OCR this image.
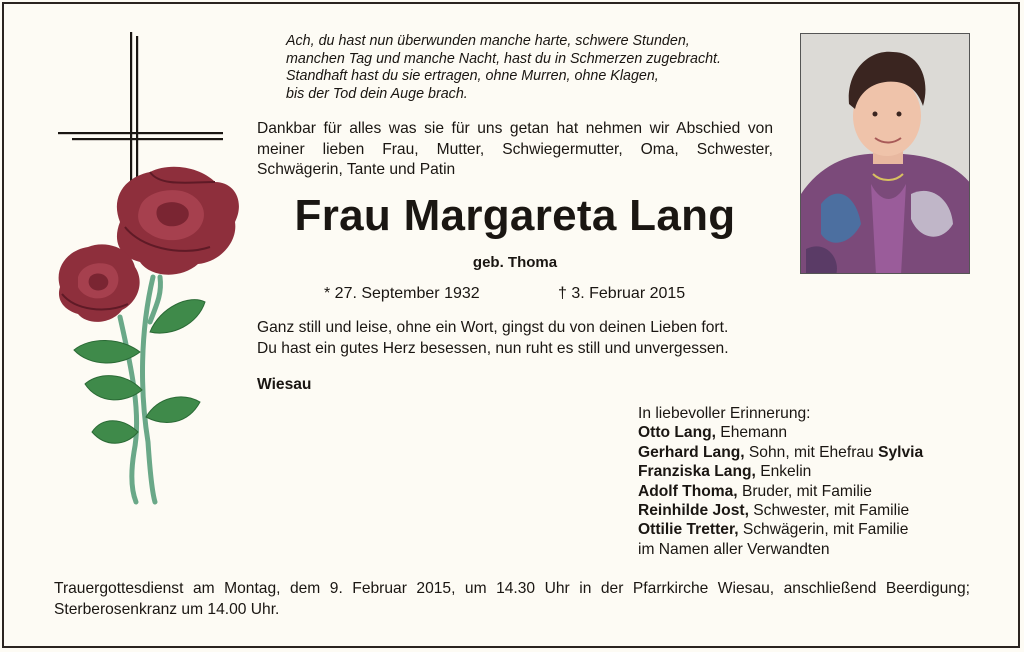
Ach, du hast nun überwunden manche harte, schwere Stunden,
manchen Tag und manche Nacht, hast du in Schmerzen zugebracht.
Standhaft hast du sie ertragen, ohne Murren, ohne Klagen,
bis der Tod dein Auge brach.
Dankbar für alles was sie für uns getan hat nehmen wir Abschied von meiner lieben Frau, Mutter, Schwiegermutter, Oma, Schwester, Schwägerin, Tante und Patin
Frau Margareta Lang
geb. Thoma
* 27. September 1932	† 3. Februar 2015
Ganz still und leise, ohne ein Wort, gingst du von deinen Lieben fort.
Du hast ein gutes Herz besessen, nun ruht es still und unvergessen.
Wiesau
In liebevoller Erinnerung:
Otto Lang, Ehemann
Gerhard Lang, Sohn, mit Ehefrau Sylvia
Franziska Lang, Enkelin
Adolf Thoma, Bruder, mit Familie
Reinhilde Jost, Schwester, mit Familie
Ottilie Tretter, Schwägerin, mit Familie
im Namen aller Verwandten
Trauergottesdienst am Montag, dem 9. Februar 2015, um 14.30 Uhr in der Pfarrkirche Wiesau, anschließend Beerdigung; Sterberosenkranz um 14.00 Uhr.
